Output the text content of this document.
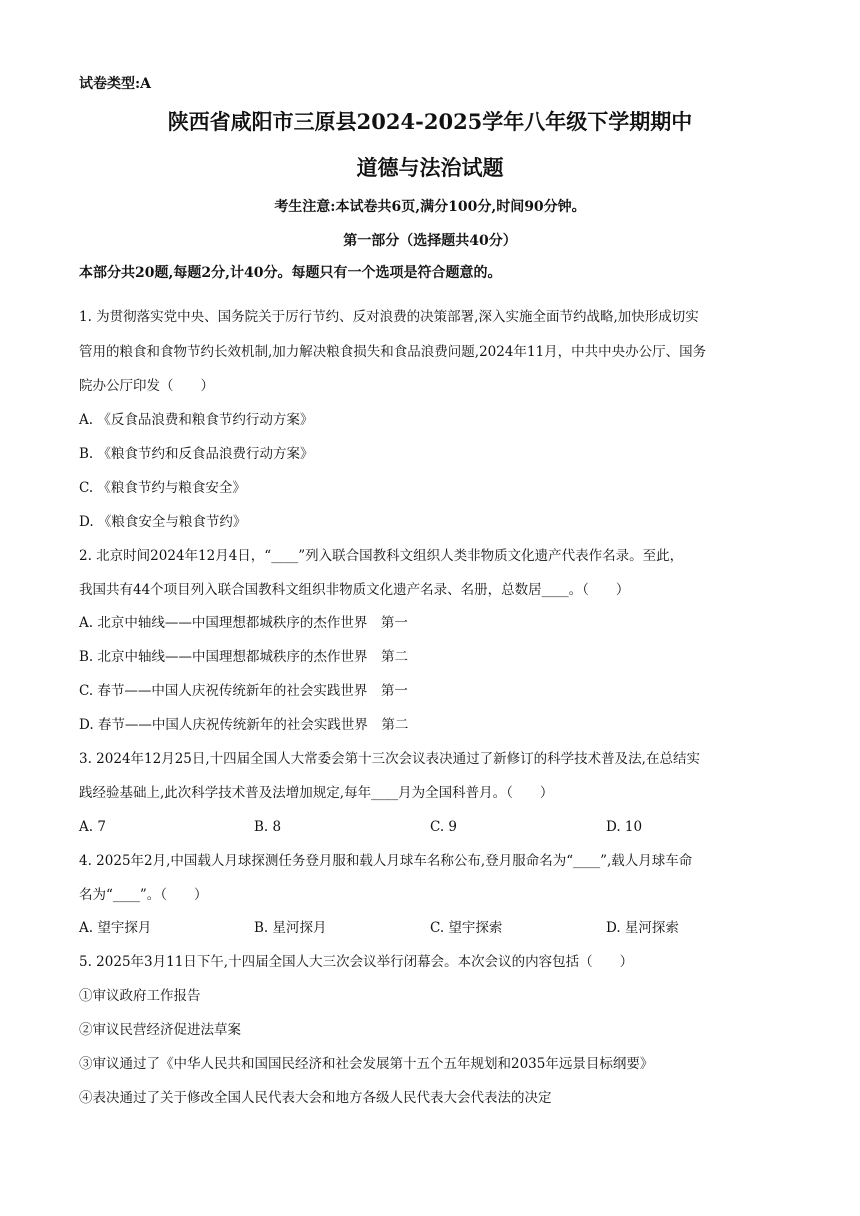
试卷类型:A
陕西省咸阳市三原县2024-2025学年八年级下学期期中
道德与法治试题
考生注意:本试卷共6页,满分100分,时间90分钟。
第一部分（选择题共40分）
本部分共20题,每题2分,计40分。每题只有一个选项是符合题意的。
1. 为贯彻落实党中央、国务院关于厉行节约、反对浪费的决策部署,深入实施全面节约战略,加快形成切实
管用的粮食和食物节约长效机制,加力解决粮食损失和食品浪费问题,2024年11月，中共中央办公厅、国务
院办公厅印发（　　）
A. 《反食品浪费和粮食节约行动方案》
B. 《粮食节约和反食品浪费行动方案》
C. 《粮食节约与粮食安全》
D. 《粮食安全与粮食节约》
2. 北京时间2024年12月4日，“____”列入联合国教科文组织人类非物质文化遗产代表作名录。至此，
我国共有44个项目列入联合国教科文组织非物质文化遗产名录、名册，总数居____。（　　）
A. 北京中轴线——中国理想都城秩序的杰作世界　第一
B. 北京中轴线——中国理想都城秩序的杰作世界　第二
C. 春节——中国人庆祝传统新年的社会实践世界　第一
D. 春节——中国人庆祝传统新年的社会实践世界　第二
3. 2024年12月25日,十四届全国人大常委会第十三次会议表决通过了新修订的科学技术普及法,在总结实
践经验基础上,此次科学技术普及法增加规定,每年____月为全国科普月。（　　）
A. 7	B. 8	C. 9	D. 10
4. 2025年2月,中国载人月球探测任务登月服和载人月球车名称公布,登月服命名为“____”,载人月球车命
名为“____”。（　　）
A. 望宇探月	B. 星河探月	C. 望宇探索	D. 星河探索
5. 2025年3月11日下午,十四届全国人大三次会议举行闭幕会。本次会议的内容包括（　　）
①审议政府工作报告
②审议民营经济促进法草案
③审议通过了《中华人民共和国国民经济和社会发展第十五个五年规划和2035年远景目标纲要》
④表决通过了关于修改全国人民代表大会和地方各级人民代表大会代表法的决定
